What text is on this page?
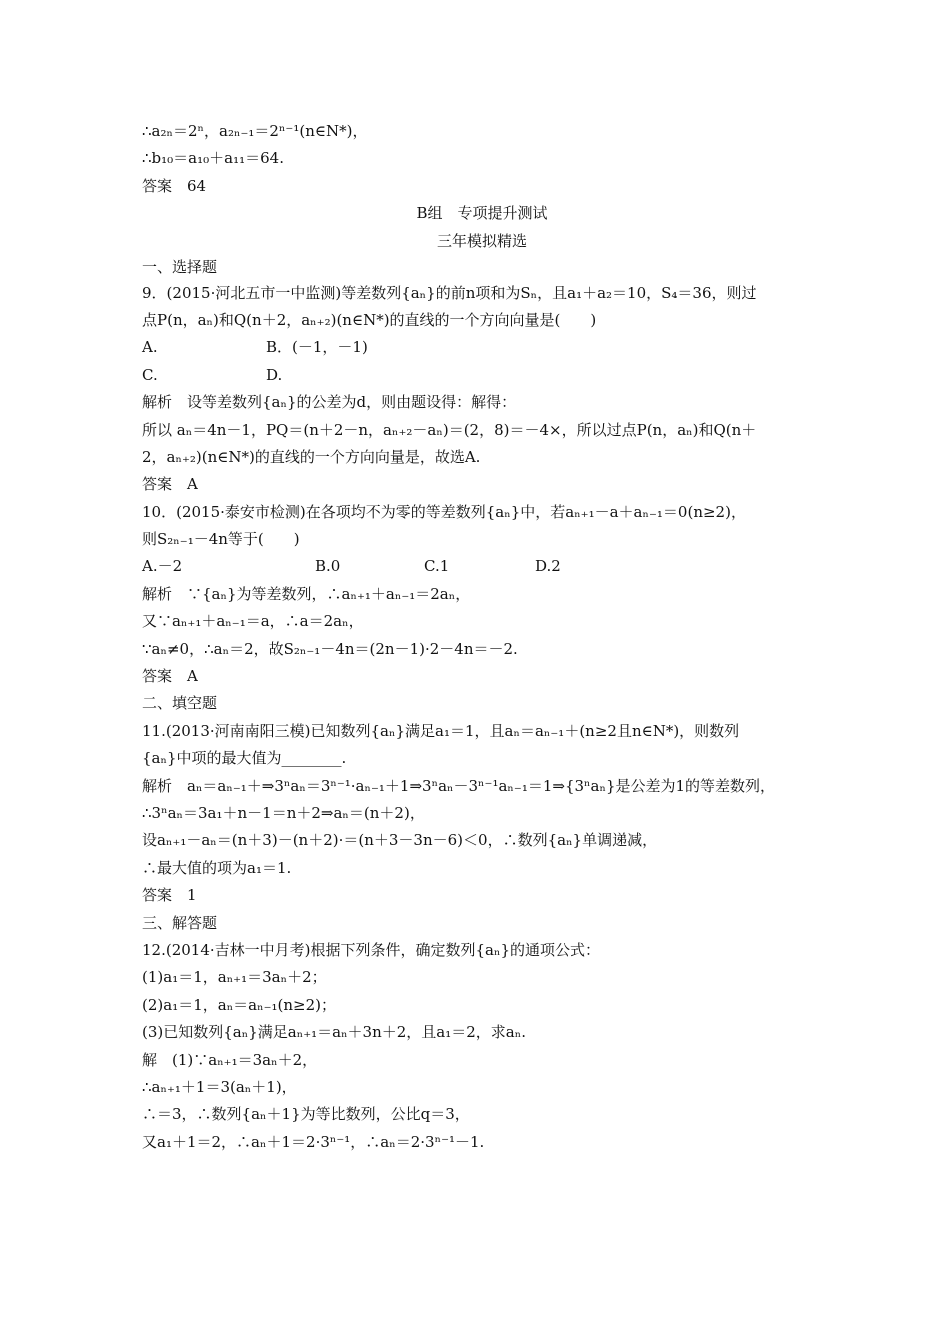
∴a₂ₙ＝2ⁿ，a₂ₙ₋₁＝2ⁿ⁻¹(n∈N*)，
∴b₁₀＝a₁₀＋a₁₁＝64.
答案　64
B组　专项提升测试
三年模拟精选
一、选择题
9．(2015·河北五市一中监测)等差数列{aₙ}的前n项和为Sₙ，且a₁＋a₂＝10，S₄＝36，则过
点P(n，aₙ)和Q(n＋2，aₙ₊₂)(n∈N*)的直线的一个方向向量是(　　)
A.	B．(－1，－1)
C.	D.
解析　设等差数列{aₙ}的公差为d，则由题设得：解得：
所以 aₙ＝4n－1，PQ＝(n＋2－n，aₙ₊₂－aₙ)＝(2，8)＝－4×，所以过点P(n，aₙ)和Q(n＋
2，aₙ₊₂)(n∈N*)的直线的一个方向向量是，故选A.
答案　A
10．(2015·泰安市检测)在各项均不为零的等差数列{aₙ}中，若aₙ₊₁－a＋aₙ₋₁＝0(n≥2)，
则S₂ₙ₋₁－4n等于(　　)
A.－2	B.0	C.1	D.2
解析　∵{aₙ}为等差数列，∴aₙ₊₁＋aₙ₋₁＝2aₙ，
又∵aₙ₊₁＋aₙ₋₁＝a，∴a＝2aₙ，
∵aₙ≠0，∴aₙ＝2，故S₂ₙ₋₁－4n＝(2n－1)·2－4n＝－2.
答案　A
二、填空题
11.(2013·河南南阳三模)已知数列{aₙ}满足a₁＝1，且aₙ＝aₙ₋₁＋(n≥2且n∈N*)，则数列
{aₙ}中项的最大值为________.
解析　aₙ＝aₙ₋₁＋⇒3ⁿaₙ＝3ⁿ⁻¹·aₙ₋₁＋1⇒3ⁿaₙ－3ⁿ⁻¹aₙ₋₁＝1⇒{3ⁿaₙ}是公差为1的等差数列，
∴3ⁿaₙ＝3a₁＋n－1＝n＋2⇒aₙ＝(n＋2)，
设aₙ₊₁－aₙ＝(n＋3)－(n＋2)·＝(n＋3－3n－6)＜0，∴数列{aₙ}单调递减，
∴最大值的项为a₁＝1.
答案　1
三、解答题
12.(2014·吉林一中月考)根据下列条件，确定数列{aₙ}的通项公式：
(1)a₁＝1，aₙ₊₁＝3aₙ＋2；
(2)a₁＝1，aₙ＝aₙ₋₁(n≥2)；
(3)已知数列{aₙ}满足aₙ₊₁＝aₙ＋3n＋2，且a₁＝2，求aₙ.
解　(1)∵aₙ₊₁＝3aₙ＋2，
∴aₙ₊₁＋1＝3(aₙ＋1)，
∴＝3，∴数列{aₙ＋1}为等比数列，公比q＝3，
又a₁＋1＝2，∴aₙ＋1＝2·3ⁿ⁻¹，∴aₙ＝2·3ⁿ⁻¹－1.
